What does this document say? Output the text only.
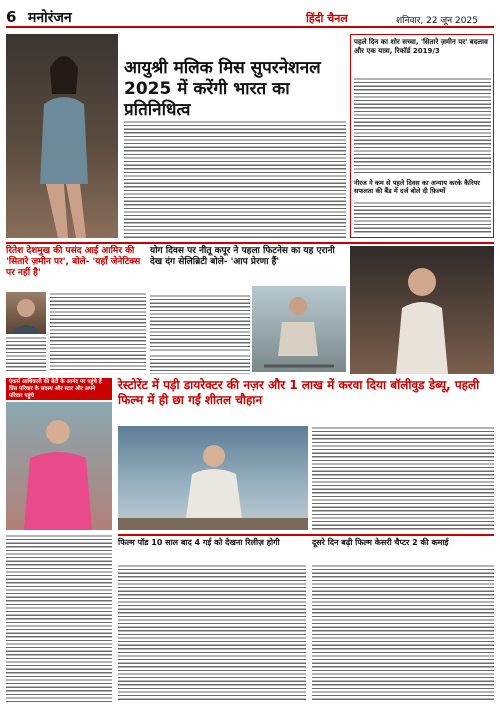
6 मनोरंजन	हिंदी चैनल	शनिवार, 22 जून 2025
आयुश्री मलिक मिस सुपरनेशनल 2025 में करेंगी भारत का प्रतिनिधित्व
पहले दिन का शोर सच्चा, 'सितारे ज़मीन पर' बदलाव और एक यात्रा, रिकॉर्ड 2019/3
नीरज ने कम से पहले दिवस का अन्याय करके कैरियर सफलता की बैंड में दर्ज बोले दी फ़िल्मों
रितेश देशमुख की पसंद आई आमिर की 'सितारे ज़मीन पर', बोले- 'यहाँ जेनेटिक्स पर नहीं है'
योग दिवस पर नीतू कपूर ने पहला फिटनेस का यह एरानी देख दंग सेलिब्रिटी बोले- 'आप प्रेरणा हैं'
एंकर्स आधिकारी की बेटी के आनंद पर पहुंचे हैं प्रिंस परिवार के सदस्य और स्टार और अपने परिवार पहुंचे
रेस्टोरेंट में पड़ी डायरेक्टर की नज़र और 1 लाख में करवा दिया बॉलीवुड डेब्यू, पहली फिल्म में ही छा गईं शीतल चौहान
फिल्म पॉड 10 साल बाद 4 गई को देखना रिलीज़ होगी	दूसरे दिन बढ़ी फिल्म केसरी चैप्टर 2 की कमाई
